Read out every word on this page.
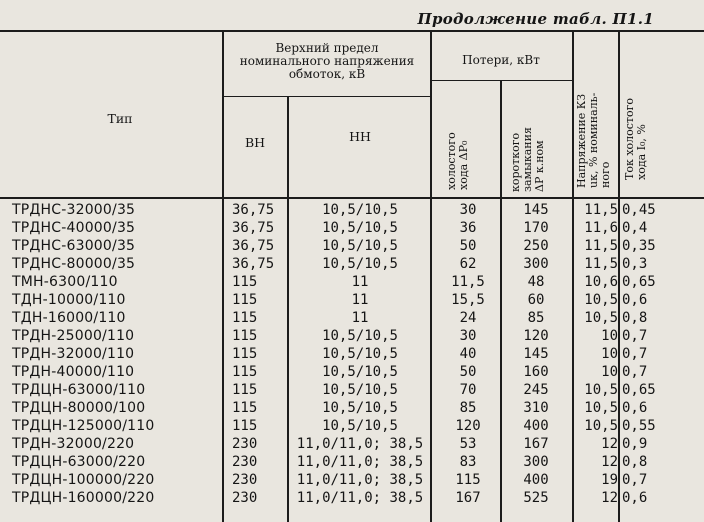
Продолжение табл. П1.1
Тип
Верхний предел номинального напряжения обмоток, кВ
ВН	НН
Потери, кВт
холостого
хода ΔP₀	короткого
замыкания
ΔP к.ном	Напряжение КЗ
uк, % номиналь-
ного Ток холостого
хода I₀, %
ТРДНС-32000/35	36,75	10,5/10,5	30	145	11,5 0,45
ТРДНС-40000/35	36,75	10,5/10,5	36	170	11,6 0,4
ТРДНС-63000/35	36,75	10,5/10,5	50	250	11,5 0,35
ТРДНС-80000/35	36,75	10,5/10,5	62	300	11,5 0,3
ТМН-6300/110	115	11	11,5	48	10,6 0,65
ТДН-10000/110	115	11	15,5	60	10,5 0,6
ТДН-16000/110	115	11	24	85	10,5 0,8
ТРДН-25000/110	115	10,5/10,5	30	120	10 0,7
ТРДН-32000/110	115	10,5/10,5	40	145	10 0,7
ТРДН-40000/110	115	10,5/10,5	50	160	10 0,7
ТРДЦН-63000/110	115	10,5/10,5	70	245	10,5 0,65
ТРДЦН-80000/100	115	10,5/10,5	85	310	10,5 0,6
ТРДЦН-125000/110	115	10,5/10,5	120	400	10,5 0,55
ТРДН-32000/220	230	11,0/11,0; 38,5	53	167	12 0,9
ТРДЦН-63000/220	230	11,0/11,0; 38,5	83	300	12 0,8
ТРДЦН-100000/220	230	11,0/11,0; 38,5	115	400	19 0,7
ТРДЦН-160000/220	230	11,0/11,0; 38,5	167	525	12 0,6
